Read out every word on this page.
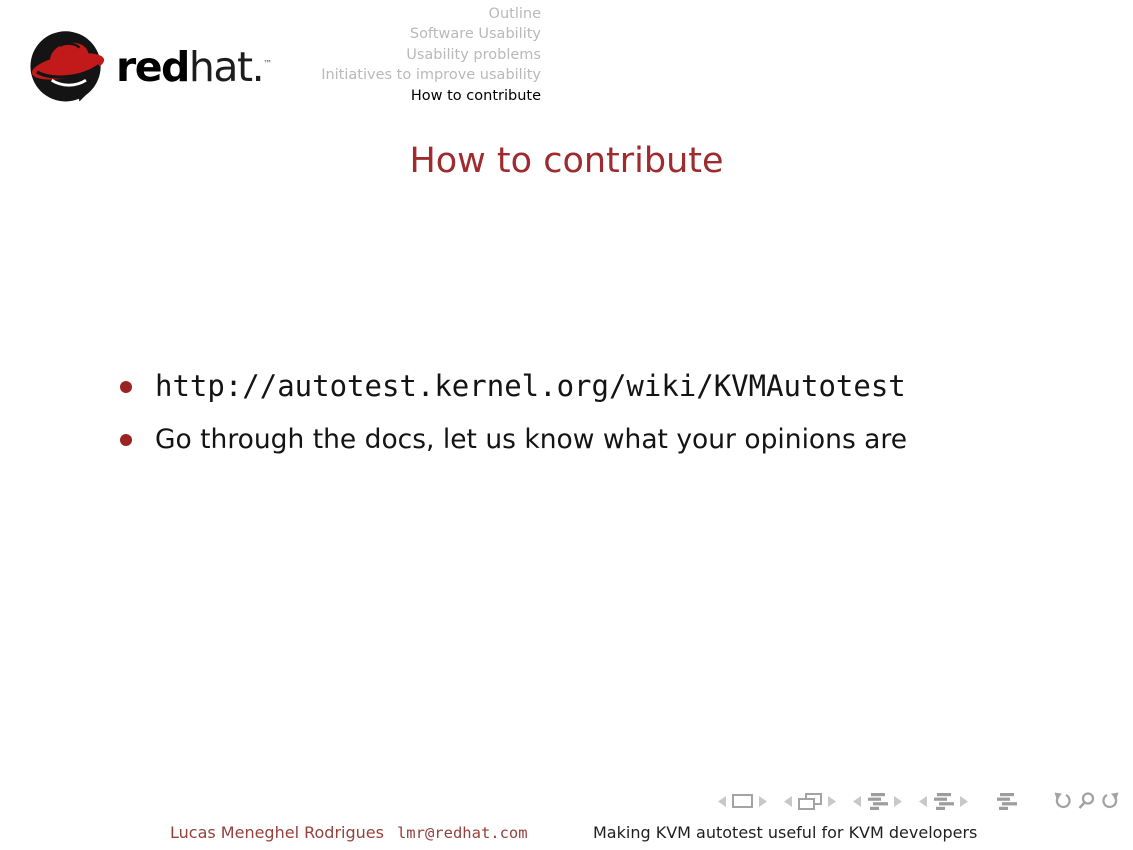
redhat.™
Outline
Software Usability
Usability problems
Initiatives to improve usability
How to contribute
How to contribute
http://autotest.kernel.org/wiki/KVMAutotest
Go through the docs, let us know what your opinions are
Lucas Meneghel Rodrigues lmr@redhat.com	Making KVM autotest useful for KVM developers
